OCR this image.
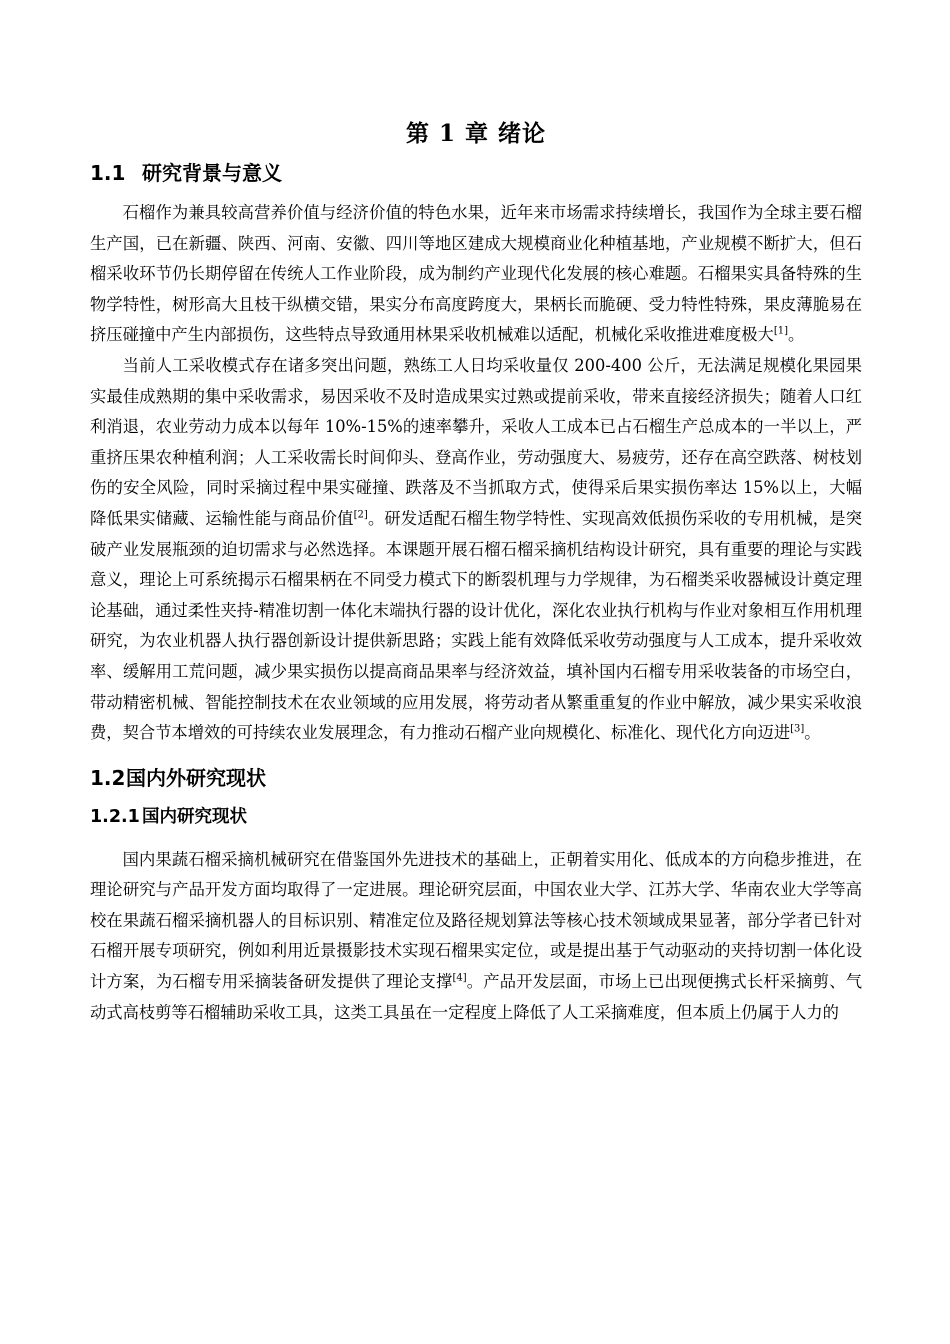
第 1 章 绪论
1.1 研究背景与意义

石榴作为兼具较高营养价值与经济价值的特色水果，近年来市场需求持续增长，我国作为全球主要石榴生产国，已在新疆、陕西、河南、安徽、四川等地区建成大规模商业化种植基地，产业规模不断扩大，但石榴采收环节仍长期停留在传统人工作业阶段，成为制约产业现代化发展的核心难题。石榴果实具备特殊的生物学特性，树形高大且枝干纵横交错，果实分布高度跨度大，果柄长而脆硬、受力特性特殊，果皮薄脆易在挤压碰撞中产生内部损伤，这些特点导致通用林果采收机械难以适配，机械化采收推进难度极大[1]。

当前人工采收模式存在诸多突出问题，熟练工人日均采收量仅 200-400 公斤，无法满足规模化果园果实最佳成熟期的集中采收需求，易因采收不及时造成果实过熟或提前采收，带来直接经济损失；随着人口红利消退，农业劳动力成本以每年 10%-15%的速率攀升，采收人工成本已占石榴生产总成本的一半以上，严重挤压果农种植利润；人工采收需长时间仰头、登高作业，劳动强度大、易疲劳，还存在高空跌落、树枝划伤的安全风险，同时采摘过程中果实碰撞、跌落及不当抓取方式，使得采后果实损伤率达 15%以上，大幅降低果实储藏、运输性能与商品价值[2]。研发适配石榴生物学特性、实现高效低损伤采收的专用机械，是突破产业发展瓶颈的迫切需求与必然选择。本课题开展石榴石榴采摘机结构设计研究，具有重要的理论与实践意义，理论上可系统揭示石榴果柄在不同受力模式下的断裂机理与力学规律，为石榴类采收器械设计奠定理论基础，通过柔性夹持-精准切割一体化末端执行器的设计优化，深化农业执行机构与作业对象相互作用机理研究，为农业机器人执行器创新设计提供新思路；实践上能有效降低采收劳动强度与人工成本，提升采收效率、缓解用工荒问题，减少果实损伤以提高商品果率与经济效益，填补国内石榴专用采收装备的市场空白，带动精密机械、智能控制技术在农业领域的应用发展，将劳动者从繁重重复的作业中解放，减少果实采收浪费，契合节本增效的可持续农业发展理念，有力推动石榴产业向规模化、标准化、现代化方向迈进[3]。

1.2国内外研究现状
1.2.1 国内研究现状

国内果蔬石榴采摘机械研究在借鉴国外先进技术的基础上，正朝着实用化、低成本的方向稳步推进，在理论研究与产品开发方面均取得了一定进展。理论研究层面，中国农业大学、江苏大学、华南农业大学等高校在果蔬石榴采摘机器人的目标识别、精准定位及路径规划算法等核心技术领域成果显著，部分学者已针对石榴开展专项研究，例如利用近景摄影技术实现石榴果实定位，或是提出基于气动驱动的夹持切割一体化设计方案，为石榴专用采摘装备研发提供了理论支撑[4]。产品开发层面，市场上已出现便携式长杆采摘剪、气动式高枝剪等石榴辅助采收工具，这类工具虽在一定程度上降低了人工采摘难度，但本质上仍属于人力的
